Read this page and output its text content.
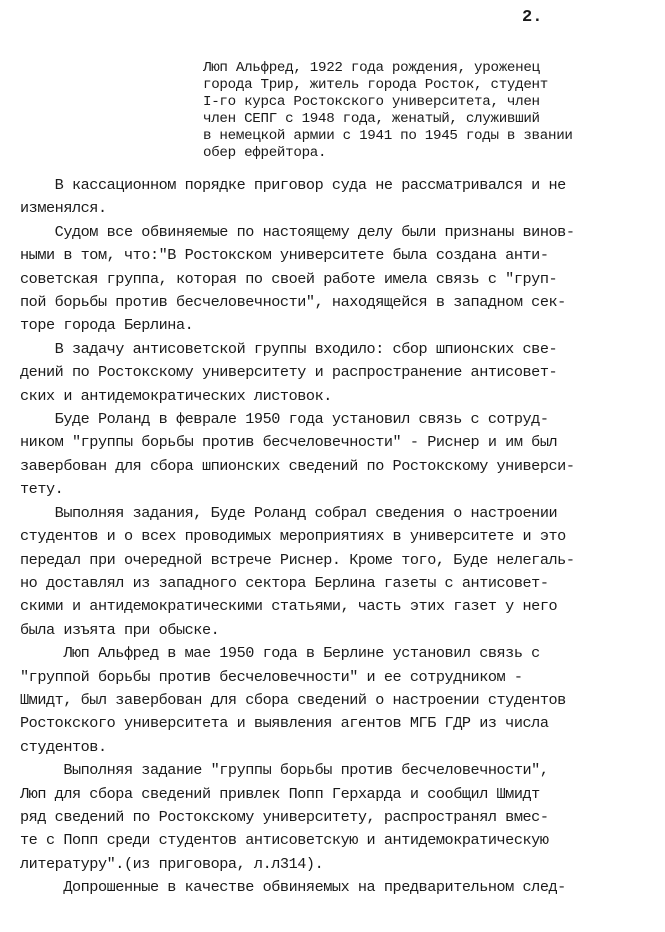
2.

Люп Альфред, 1922 года рождения, уроженец

города Трир, житель города Росток, студент

I-го курса Ростокского университета, член

член СЕПГ с 1948 года, женатый, служивший

в немецкой армии с 1941 по 1945 годы в звании

обер ефрейтора.

В кассационном порядке приговор суда не рассматривался и не

изменялся.

Судом все обвиняемые по настоящему делу были признаны винов-

ными в том, что:"В Ростокском университете была создана анти-

советская группа, которая по своей работе имела связь с "груп-

пой борьбы против бесчеловечности", находящейся в западном сек-

торе города Берлина.

В задачу антисоветской группы входило: сбор шпионских све-

дений по Ростокскому университету и распространение антисовет-

ских и антидемократических листовок.

Буде Роланд в феврале 1950 года установил связь с сотруд-

ником "группы борьбы против бесчеловечности" - Риснер и им был

завербован для сбора шпионских сведений по Ростокскому универси-

тету.

Выполняя задания, Буде Роланд собрал сведения о настроении

студентов и о всех проводимых мероприятиях в университете и это

передал при очередной встрече Риснер. Кроме того, Буде нелегаль-

но доставлял из западного сектора Берлина газеты с антисовет-

скими и антидемократическими статьями, часть этих газет у него

была изъята при обыске.

Люп Альфред в мае 1950 года в Берлине установил связь с

"группой борьбы против бесчеловечности" и ее сотрудником -

Шмидт, был завербован для сбора сведений о настроении студентов

Ростокского университета и выявления агентов МГБ ГДР из числа

студентов.

Выполняя задание "группы борьбы против бесчеловечности",

Люп для сбора сведений привлек Попп Герхарда и сообщил Шмидт

ряд сведений по Ростокскому университету, распространял вмес-

те с Попп среди студентов антисоветскую и антидемократическую

литературу".(из приговора, л.л314).

Допрошенные в качестве обвиняемых на предварительном след-
